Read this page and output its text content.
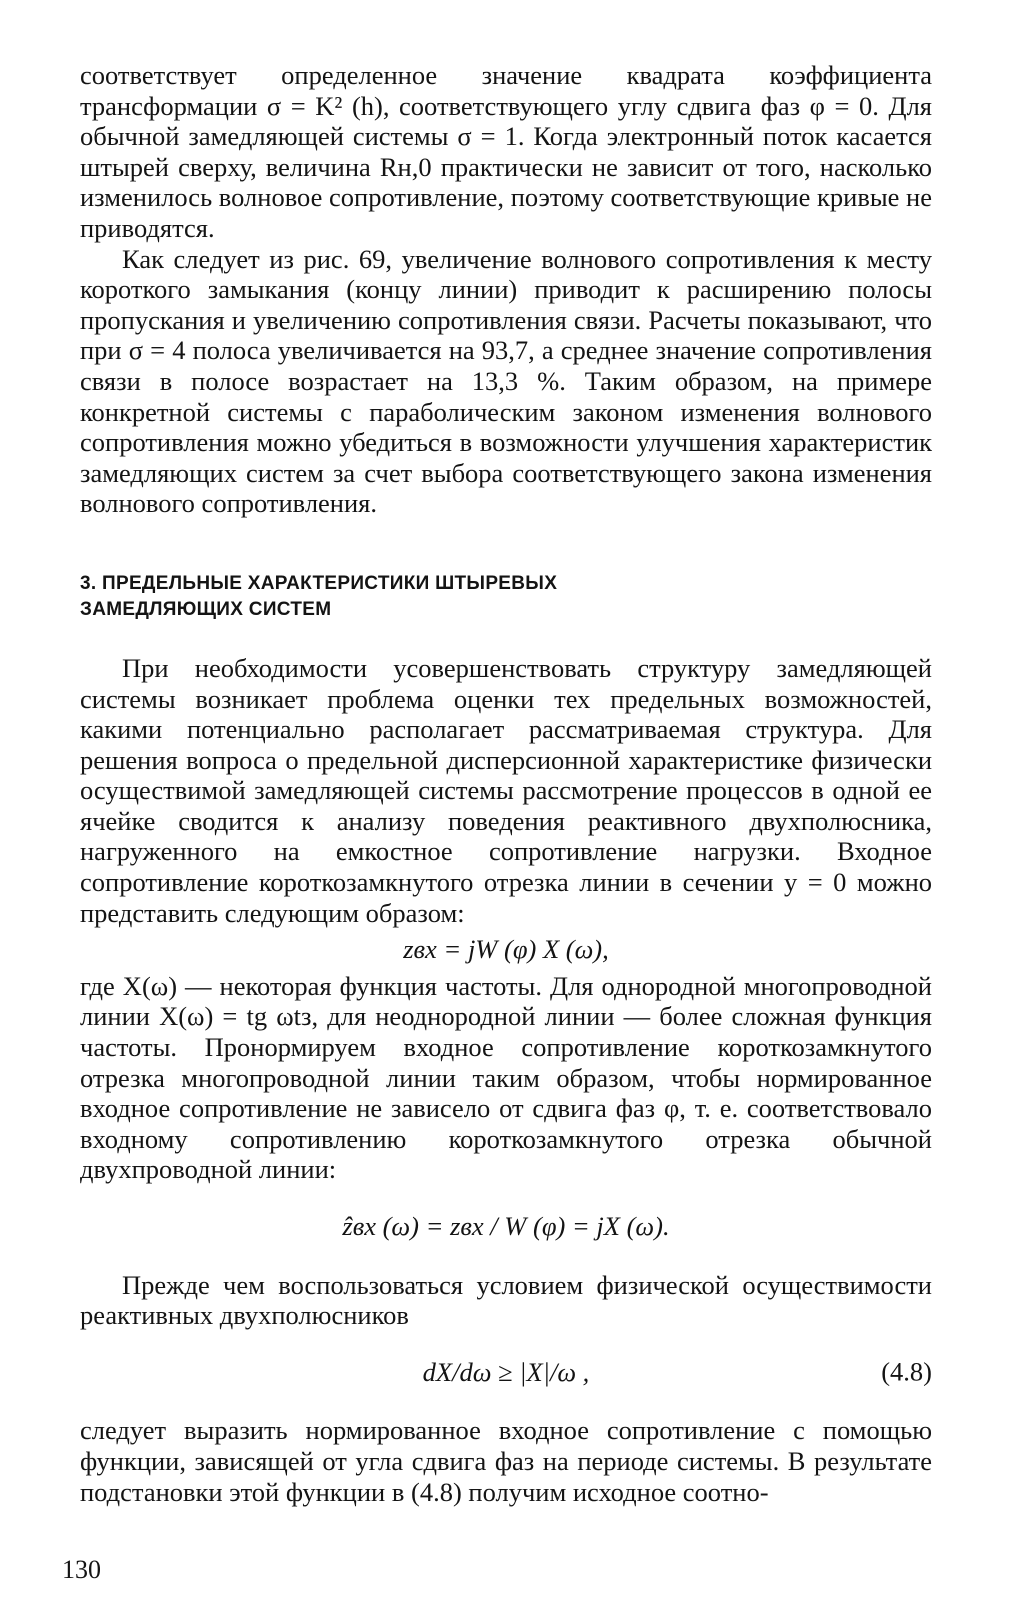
соответствует определенное значение квадрата коэффициента трансформации σ = K² (h), соответствующего углу сдвига фаз φ = 0. Для обычной замедляющей системы σ = 1. Когда электронный поток касается штырей сверху, величина Rн,0 практически не зависит от того, насколько изменилось волновое сопротивление, поэтому соответствующие кривые не приводятся.

Как следует из рис. 69, увеличение волнового сопротивления к месту короткого замыкания (концу линии) приводит к расширению полосы пропускания и увеличению сопротивления связи. Расчеты показывают, что при σ = 4 полоса увеличивается на 93,7, а среднее значение сопротивления связи в полосе возрастает на 13,3 %. Таким образом, на примере конкретной системы с параболическим законом изменения волнового сопротивления можно убедиться в возможности улучшения характеристик замедляющих систем за счет выбора соответствующего закона изменения волнового сопротивления.

3. ПРЕДЕЛЬНЫЕ ХАРАКТЕРИСТИКИ ШТЫРЕВЫХ
ЗАМЕДЛЯЮЩИХ СИСТЕМ

При необходимости усовершенствовать структуру замедляющей системы возникает проблема оценки тех предельных возможностей, какими потенциально располагает рассматриваемая структура. Для решения вопроса о предельной дисперсионной характеристике физически осуществимой замедляющей системы рассмотрение процессов в одной ее ячейке сводится к анализу поведения реактивного двухполюсника, нагруженного на емкостное сопротивление нагрузки. Входное сопротивление короткозамкнутого отрезка линии в сечении y = 0 можно представить следующим образом:

zвх = jW (φ) X (ω),

где X(ω) — некоторая функция частоты. Для однородной многопроводной линии X(ω) = tg ωtз, для неоднородной линии — более сложная функция частоты. Пронормируем входное сопротивление короткозамкнутого отрезка многопроводной линии таким образом, чтобы нормированное входное сопротивление не зависело от сдвига фаз φ, т. е. соответствовало входному сопротивлению короткозамкнутого отрезка обычной двухпроводной линии:

ẑвх (ω) = zвх / W (φ) = jX (ω).

Прежде чем воспользоваться условием физической осуществимости реактивных двухполюсников

dX/dω ≥ |X|/ω ,	(4.8)

следует выразить нормированное входное сопротивление с помощью функции, зависящей от угла сдвига фаз на периоде системы. В результате подстановки этой функции в (4.8) получим исходное соотно-

130
